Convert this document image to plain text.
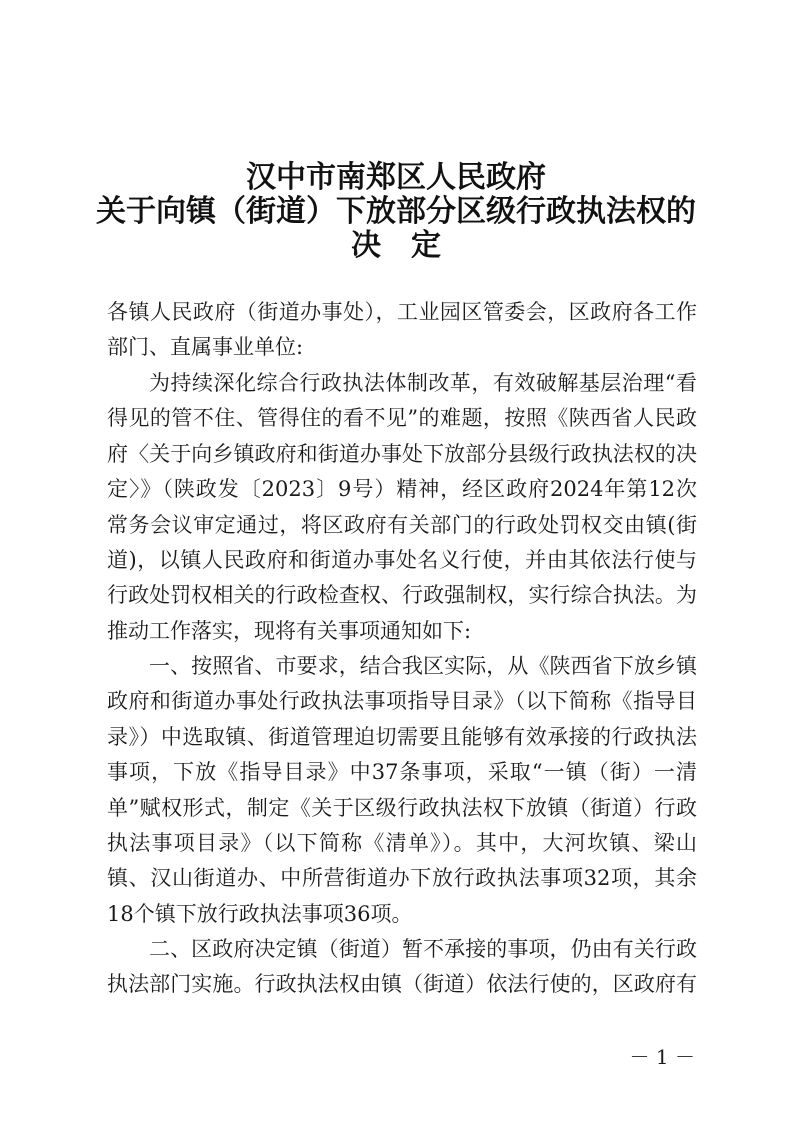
汉中市南郑区人民政府
关于向镇（街道）下放部分区级行政执法权的
决　定
各镇人民政府（街道办事处），工业园区管委会，区政府各工作
部门、直属事业单位:
为持续深化综合行政执法体制改革，有效破解基层治理“看
得见的管不住、管得住的看不见”的难题，按照《陕西省人民政
府〈关于向乡镇政府和街道办事处下放部分县级行政执法权的决
定〉》（陕政发〔2023〕9号）精神，经区政府2024年第12次
常务会议审定通过，将区政府有关部门的行政处罚权交由镇(街
道)，以镇人民政府和街道办事处名义行使，并由其依法行使与
行政处罚权相关的行政检查权、行政强制权，实行综合执法。为
推动工作落实，现将有关事项通知如下:
一、按照省、市要求，结合我区实际，从《陕西省下放乡镇
政府和街道办事处行政执法事项指导目录》（以下简称《指导目
录》）中选取镇、街道管理迫切需要且能够有效承接的行政执法
事项，下放《指导目录》中37条事项，采取“一镇（街）一清
单”赋权形式，制定《关于区级行政执法权下放镇（街道）行政
执法事项目录》（以下简称《清单》）。其中，大河坎镇、梁山
镇、汉山街道办、中所营街道办下放行政执法事项32项，其余
18个镇下放行政执法事项36项。
二、区政府决定镇（街道）暂不承接的事项，仍由有关行政
执法部门实施。行政执法权由镇（街道）依法行使的，区政府有
－ 1 －
